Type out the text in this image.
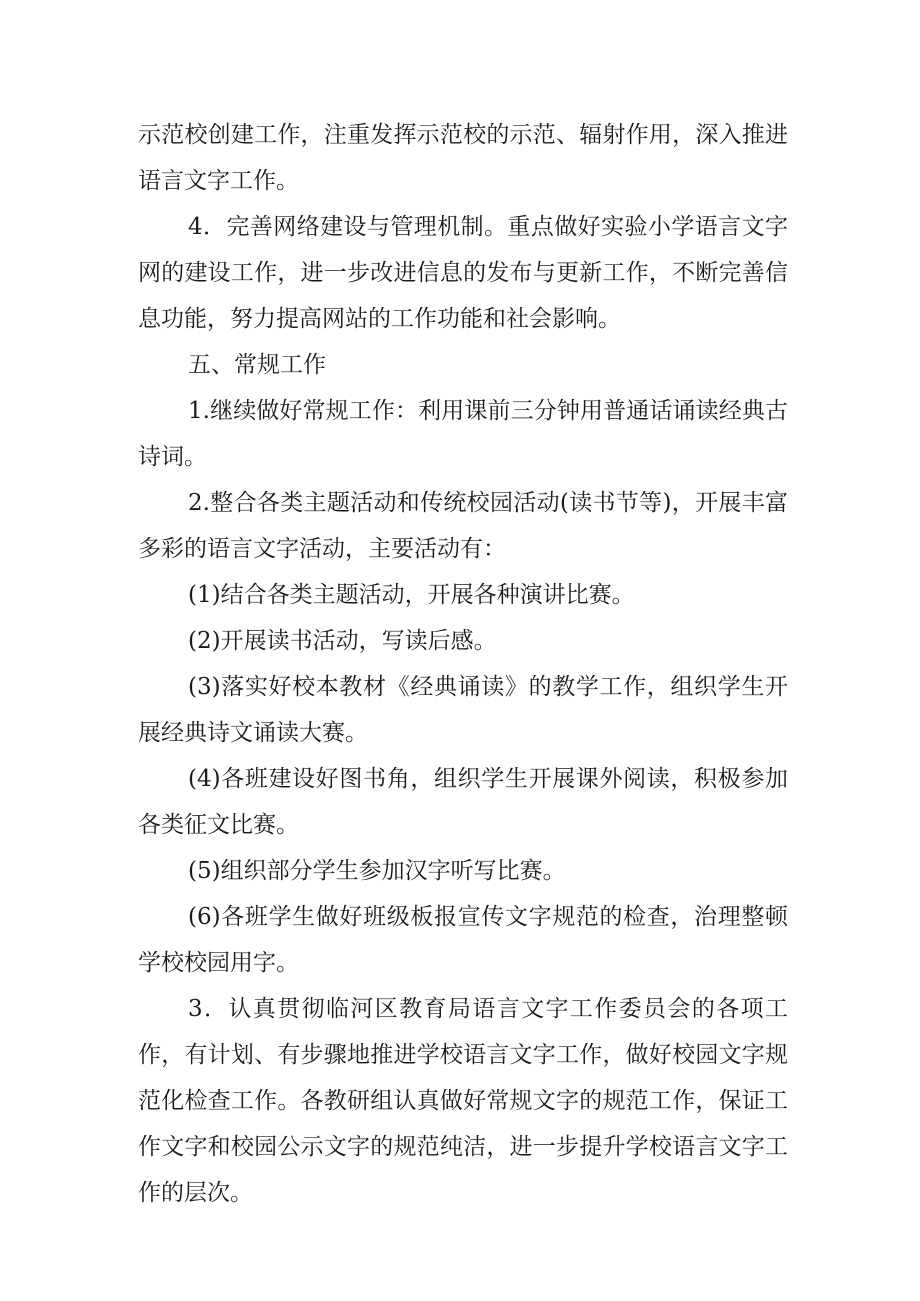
示范校创建工作，注重发挥示范校的示范、辐射作用，深入推进语言文字工作。

4．完善网络建设与管理机制。重点做好实验小学语言文字网的建设工作，进一步改进信息的发布与更新工作，不断完善信息功能，努力提高网站的工作功能和社会影响。

五、常规工作

1.继续做好常规工作：利用课前三分钟用普通话诵读经典古诗词。

2.整合各类主题活动和传统校园活动(读书节等)，开展丰富多彩的语言文字活动，主要活动有：

(1)结合各类主题活动，开展各种演讲比赛。

(2)开展读书活动，写读后感。

(3)落实好校本教材《经典诵读》的教学工作，组织学生开展经典诗文诵读大赛。

(4)各班建设好图书角，组织学生开展课外阅读，积极参加各类征文比赛。

(5)组织部分学生参加汉字听写比赛。

(6)各班学生做好班级板报宣传文字规范的检查，治理整顿学校校园用字。

3．认真贯彻临河区教育局语言文字工作委员会的各项工作，有计划、有步骤地推进学校语言文字工作，做好校园文字规范化检查工作。各教研组认真做好常规文字的规范工作，保证工作文字和校园公示文字的规范纯洁，进一步提升学校语言文字工作的层次。
